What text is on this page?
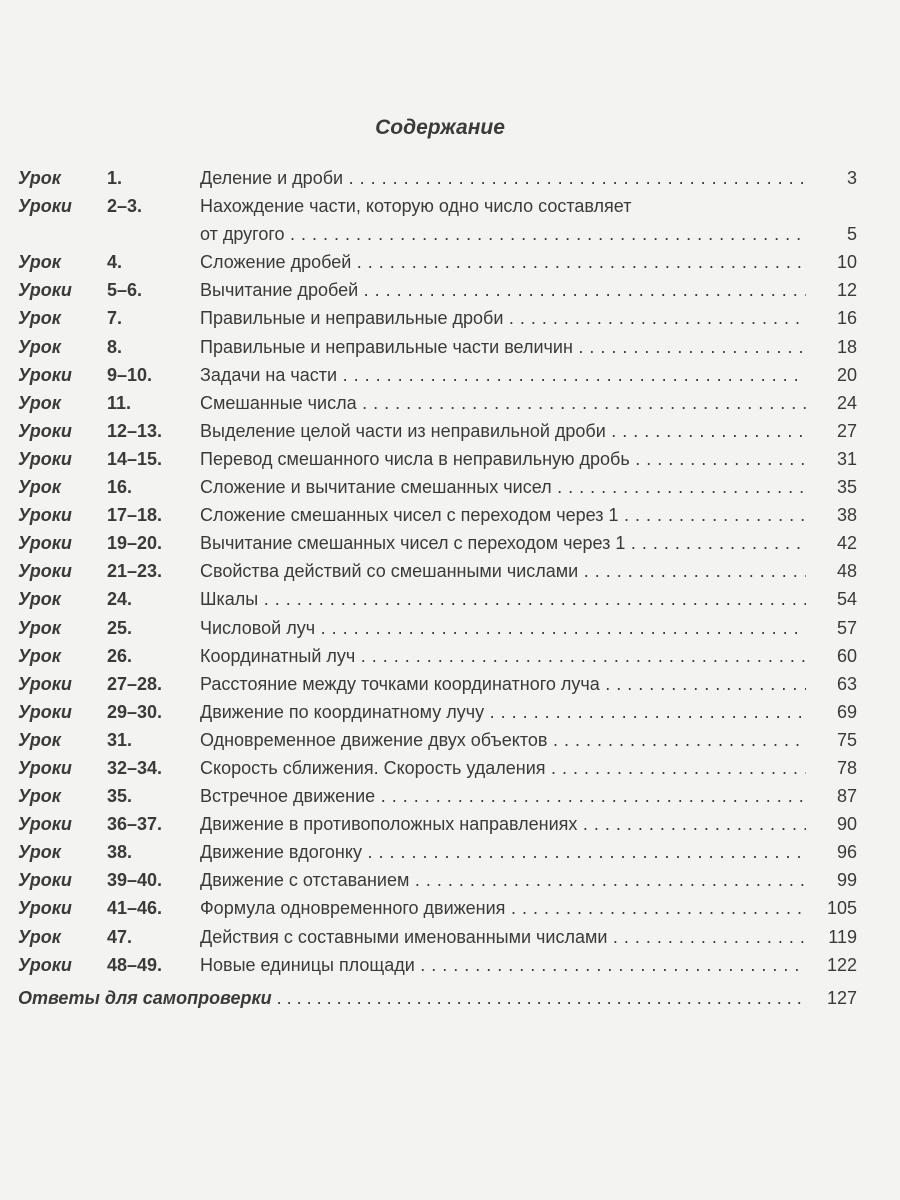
Содержание
Урок	1.	Деление и дроби . . .	3
Уроки 2–3.	Нахождение части, которую одно число составляет
от другого . . .	5
Урок	4.	Сложение дробей . . .	10
Уроки 5–6.	Вычитание дробей . . .	12
Урок	7.	Правильные и неправильные дроби . . .	16
Урок	8.	Правильные и неправильные части величин . . .	18
Уроки 9–10.	Задачи на части . . .	20
Урок	11.	Смешанные числа . . .	24
Уроки 12–13. Выделение целой части из неправильной дроби . . .	27
Уроки 14–15. Перевод смешанного числа в неправильную дробь . . .	31
Урок	16.	Сложение и вычитание смешанных чисел . . .	35
Уроки 17–18. Сложение смешанных чисел с переходом через 1 . . .	38
Уроки 19–20. Вычитание смешанных чисел с переходом через 1 . . .	42
Уроки 21–23. Свойства действий со смешанными числами . . .	48
Урок	24.	Шкалы . . .	54
Урок	25.	Числовой луч . . .	57
Урок	26.	Координатный луч . . .	60
Уроки 27–28. Расстояние между точками координатного луча . . .	63
Уроки 29–30. Движение по координатному лучу . . .	69
Урок	31.	Одновременное движение двух объектов . . .	75
Уроки 32–34. Скорость сближения. Скорость удаления . . .	78
Урок	35.	Встречное движение . . .	87
Уроки 36–37. Движение в противоположных направлениях . . .	90
Урок	38.	Движение вдогонку . . .	96
Уроки 39–40. Движение с отставанием . . .	99
Уроки 41–46. Формула одновременного движения . . .	105
Урок	47.	Действия с составными именованными числами . . .	119
Уроки 48–49. Новые единицы площади . . .	122
Ответы для самопроверки . . .	127
